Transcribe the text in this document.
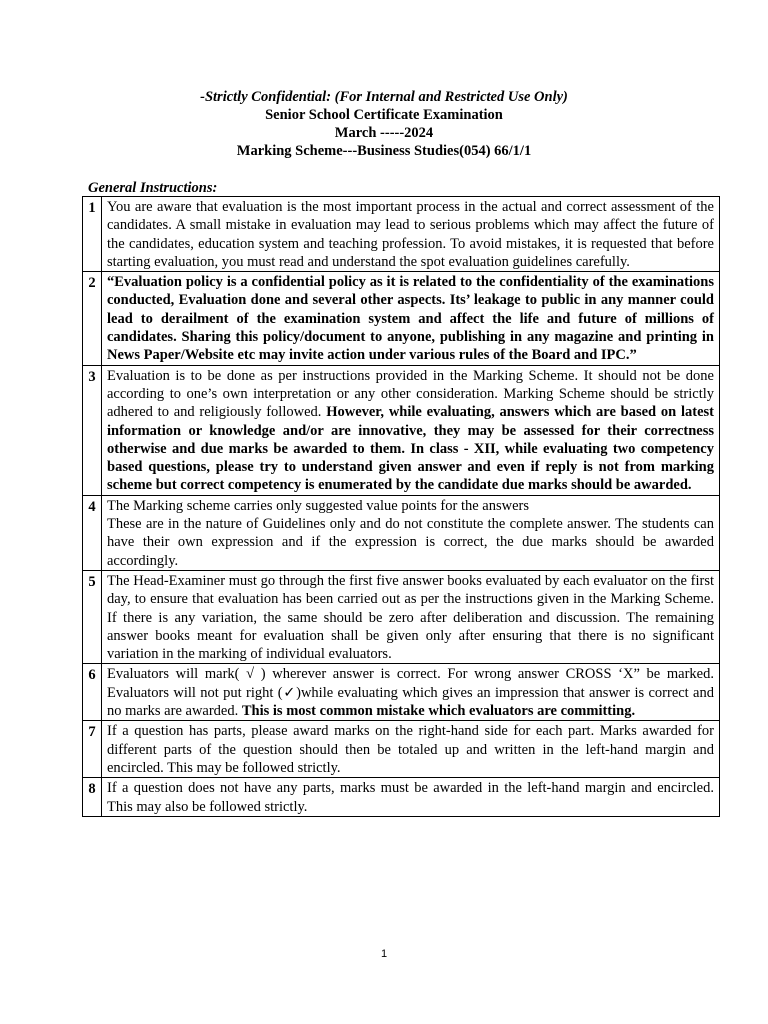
-Strictly Confidential: (For Internal and Restricted Use Only)
Senior School Certificate Examination
March -----2024
Marking Scheme---Business Studies(054) 66/1/1
General Instructions:
1	You are aware that evaluation is the most important process in the actual and correct assessment of the candidates. A small mistake in evaluation may lead to serious problems which may affect the future of the candidates, education system and teaching profession. To avoid mistakes, it is requested that before starting evaluation, you must read and understand the spot evaluation guidelines carefully.
2	“Evaluation policy is a confidential policy as it is related to the confidentiality of the examinations conducted, Evaluation done and several other aspects. Its’ leakage to public in any manner could lead to derailment of the examination system and affect the life and future of millions of candidates. Sharing this policy/document to anyone, publishing in any magazine and printing in News Paper/Website etc may invite action under various rules of the Board and IPC.”
3	Evaluation is to be done as per instructions provided in the Marking Scheme. It should not be done according to one’s own interpretation or any other consideration. Marking Scheme should be strictly adhered to and religiously followed. However, while evaluating, answers which are based on latest information or knowledge and/or are innovative, they may be assessed for their correctness otherwise and due marks be awarded to them. In class - XII, while evaluating two competency based questions, please try to understand given answer and even if reply is not from marking scheme but correct competency is enumerated by the candidate due marks should be awarded.
4	The Marking scheme carries only suggested value points for the answers
These are in the nature of Guidelines only and do not constitute the complete answer. The students can have their own expression and if the expression is correct, the due marks should be awarded accordingly.
5	The Head-Examiner must go through the first five answer books evaluated by each evaluator on the first day, to ensure that evaluation has been carried out as per the instructions given in the Marking Scheme. If there is any variation, the same should be zero after deliberation and discussion. The remaining answer books meant for evaluation shall be given only after ensuring that there is no significant variation in the marking of individual evaluators.
6	Evaluators will mark( √ ) wherever answer is correct. For wrong answer CROSS ‘X” be marked. Evaluators will not put right (✓)while evaluating which gives an impression that answer is correct and no marks are awarded. This is most common mistake which evaluators are committing.
7	If a question has parts, please award marks on the right-hand side for each part. Marks awarded for different parts of the question should then be totaled up and written in the left-hand margin and encircled. This may be followed strictly.
8	If a question does not have any parts, marks must be awarded in the left-hand margin and encircled. This may also be followed strictly.
1
